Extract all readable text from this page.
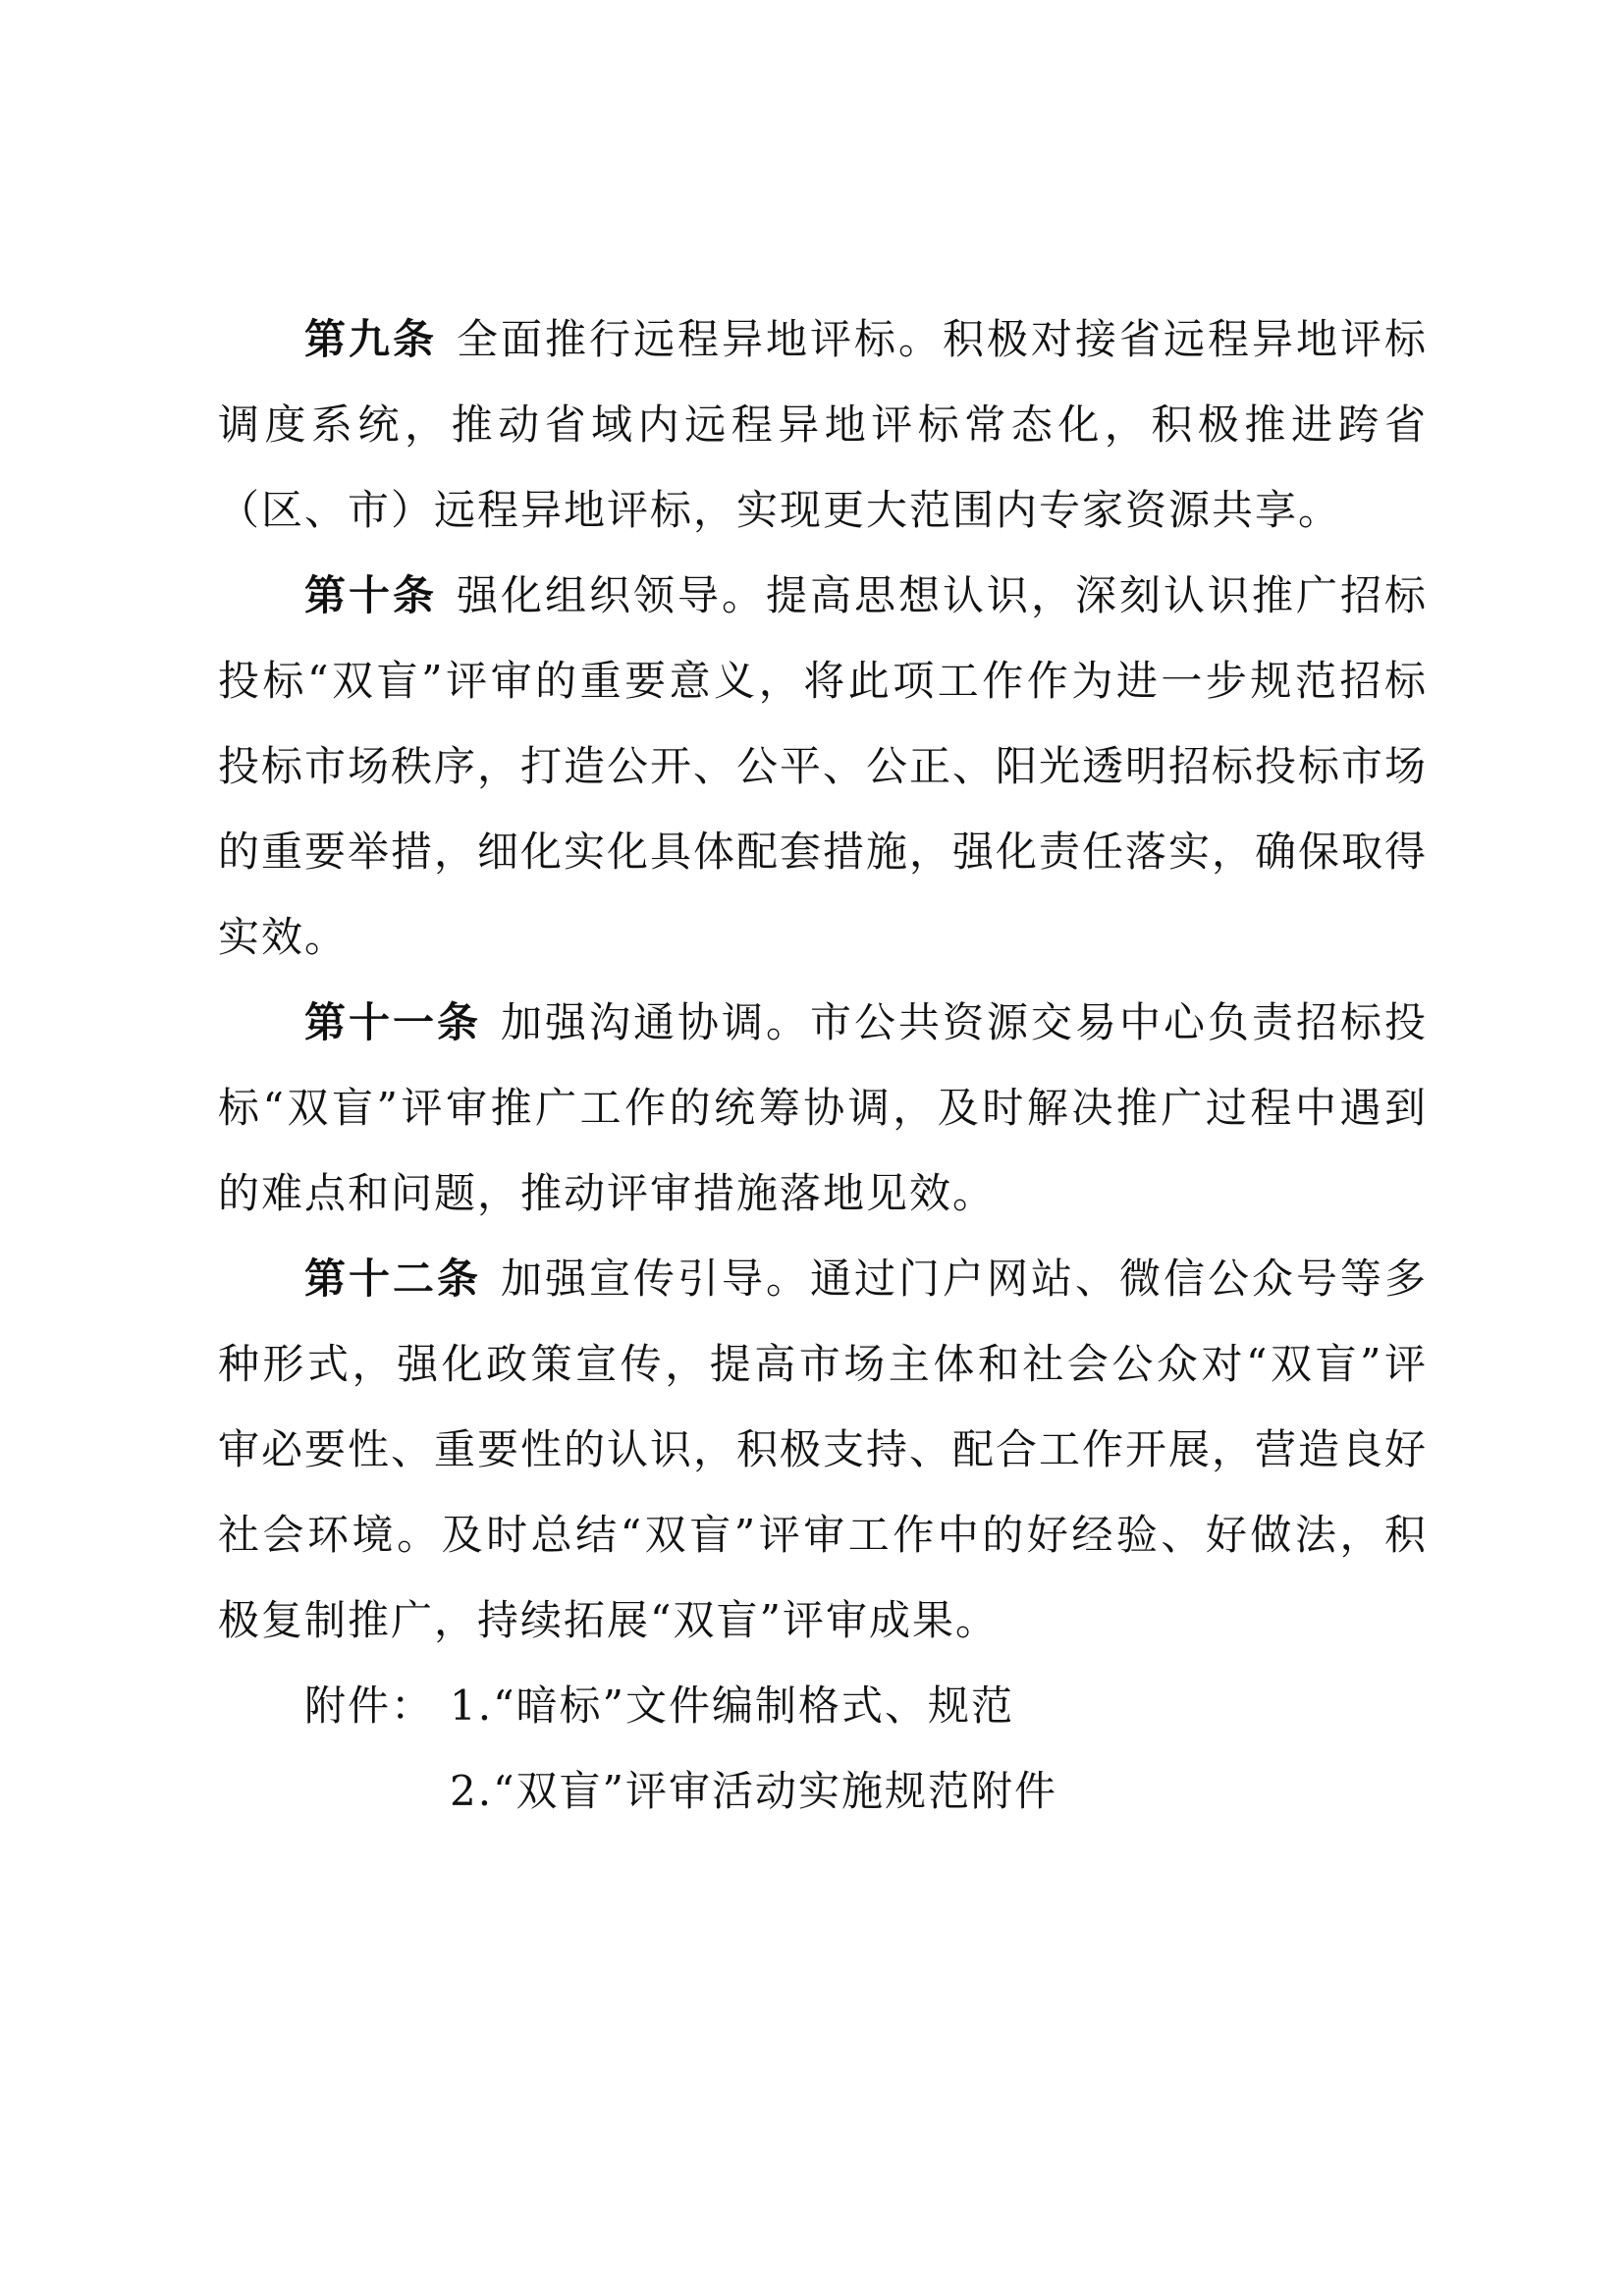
第九条 全面推行远程异地评标。积极对接省远程异地评标调度系统，推动省域内远程异地评标常态化，积极推进跨省（区、市）远程异地评标，实现更大范围内专家资源共享。

第十条 强化组织领导。提高思想认识，深刻认识推广招标投标“双盲”评审的重要意义，将此项工作作为进一步规范招标投标市场秩序，打造公开、公平、公正、阳光透明招标投标市场的重要举措，细化实化具体配套措施，强化责任落实，确保取得实效。

第十一条 加强沟通协调。市公共资源交易中心负责招标投标“双盲”评审推广工作的统筹协调，及时解决推广过程中遇到的难点和问题，推动评审措施落地见效。

第十二条 加强宣传引导。通过门户网站、微信公众号等多种形式，强化政策宣传，提高市场主体和社会公众对“双盲”评审必要性、重要性的认识，积极支持、配合工作开展，营造良好社会环境。及时总结“双盲”评审工作中的好经验、好做法，积极复制推广，持续拓展“双盲”评审成果。

附件： 1.“暗标”文件编制格式、规范
2.“双盲”评审活动实施规范附件
